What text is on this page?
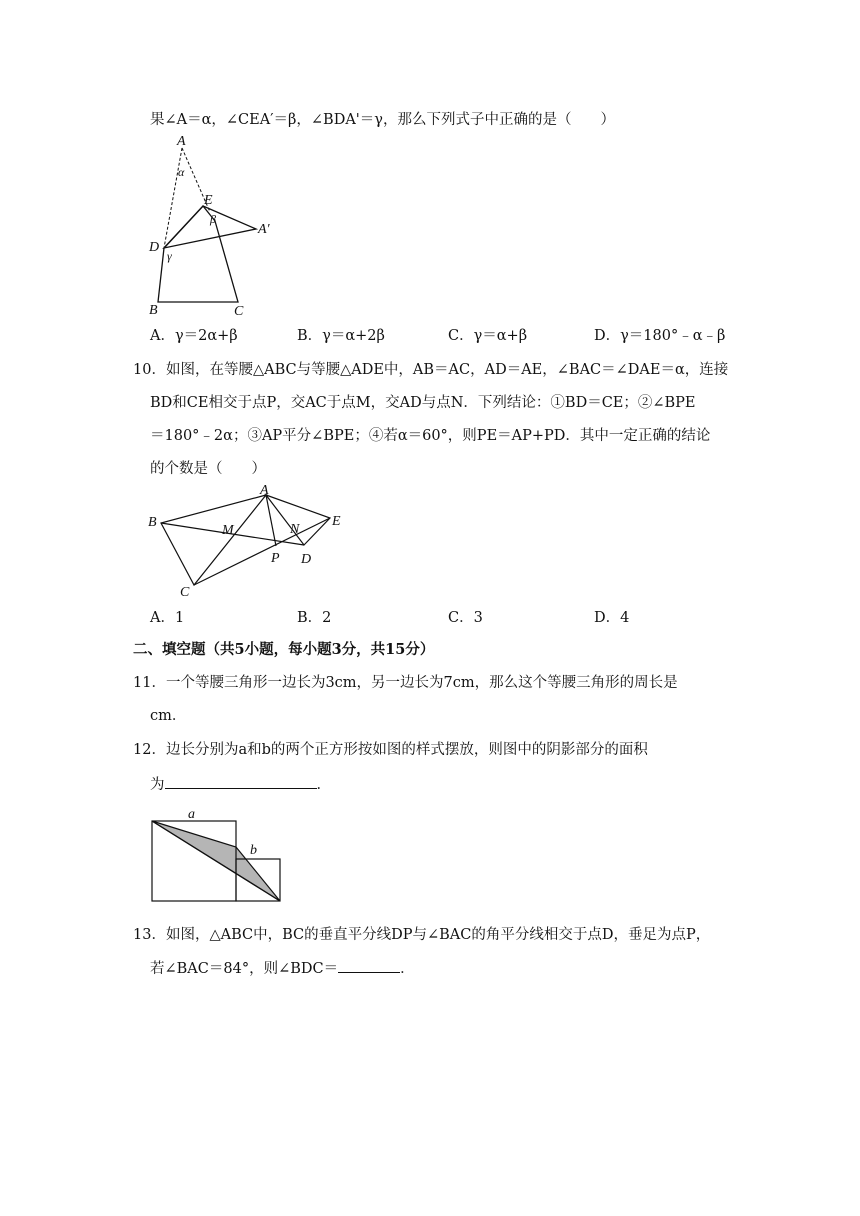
果∠A＝α，∠CEA′＝β，∠BDA'＝γ，那么下列式子中正确的是（　　）
A
α
E
β
A′
D
γ
B	C
A．γ＝2α+β	B．γ＝α+2β	C．γ＝α+β	D．γ＝180°﹣α﹣β
10．如图，在等腰△ABC与等腰△ADE中，AB＝AC，AD＝AE，∠BAC＝∠DAE＝α，连接
BD和CE相交于点P，交AC于点M，交AD与点N．下列结论：①BD＝CE；②∠BPE
＝180°﹣2α；③AP平分∠BPE；④若α＝60°，则PE＝AP+PD．其中一定正确的结论
的个数是（　　）
A
B
M	N
E
P D
C
A．1	B．2	C．3	D．4
二、填空题（共5小题，每小题3分，共15分）
11．一个等腰三角形一边长为3cm，另一边长为7cm，那么这个等腰三角形的周长是
cm．
12．边长分别为a和b的两个正方形按如图的样式摆放，则图中的阴影部分的面积
为	．
a
b
13．如图，△ABC中，BC的垂直平分线DP与∠BAC的角平分线相交于点D，垂足为点P，
若∠BAC＝84°，则∠BDC＝	．
